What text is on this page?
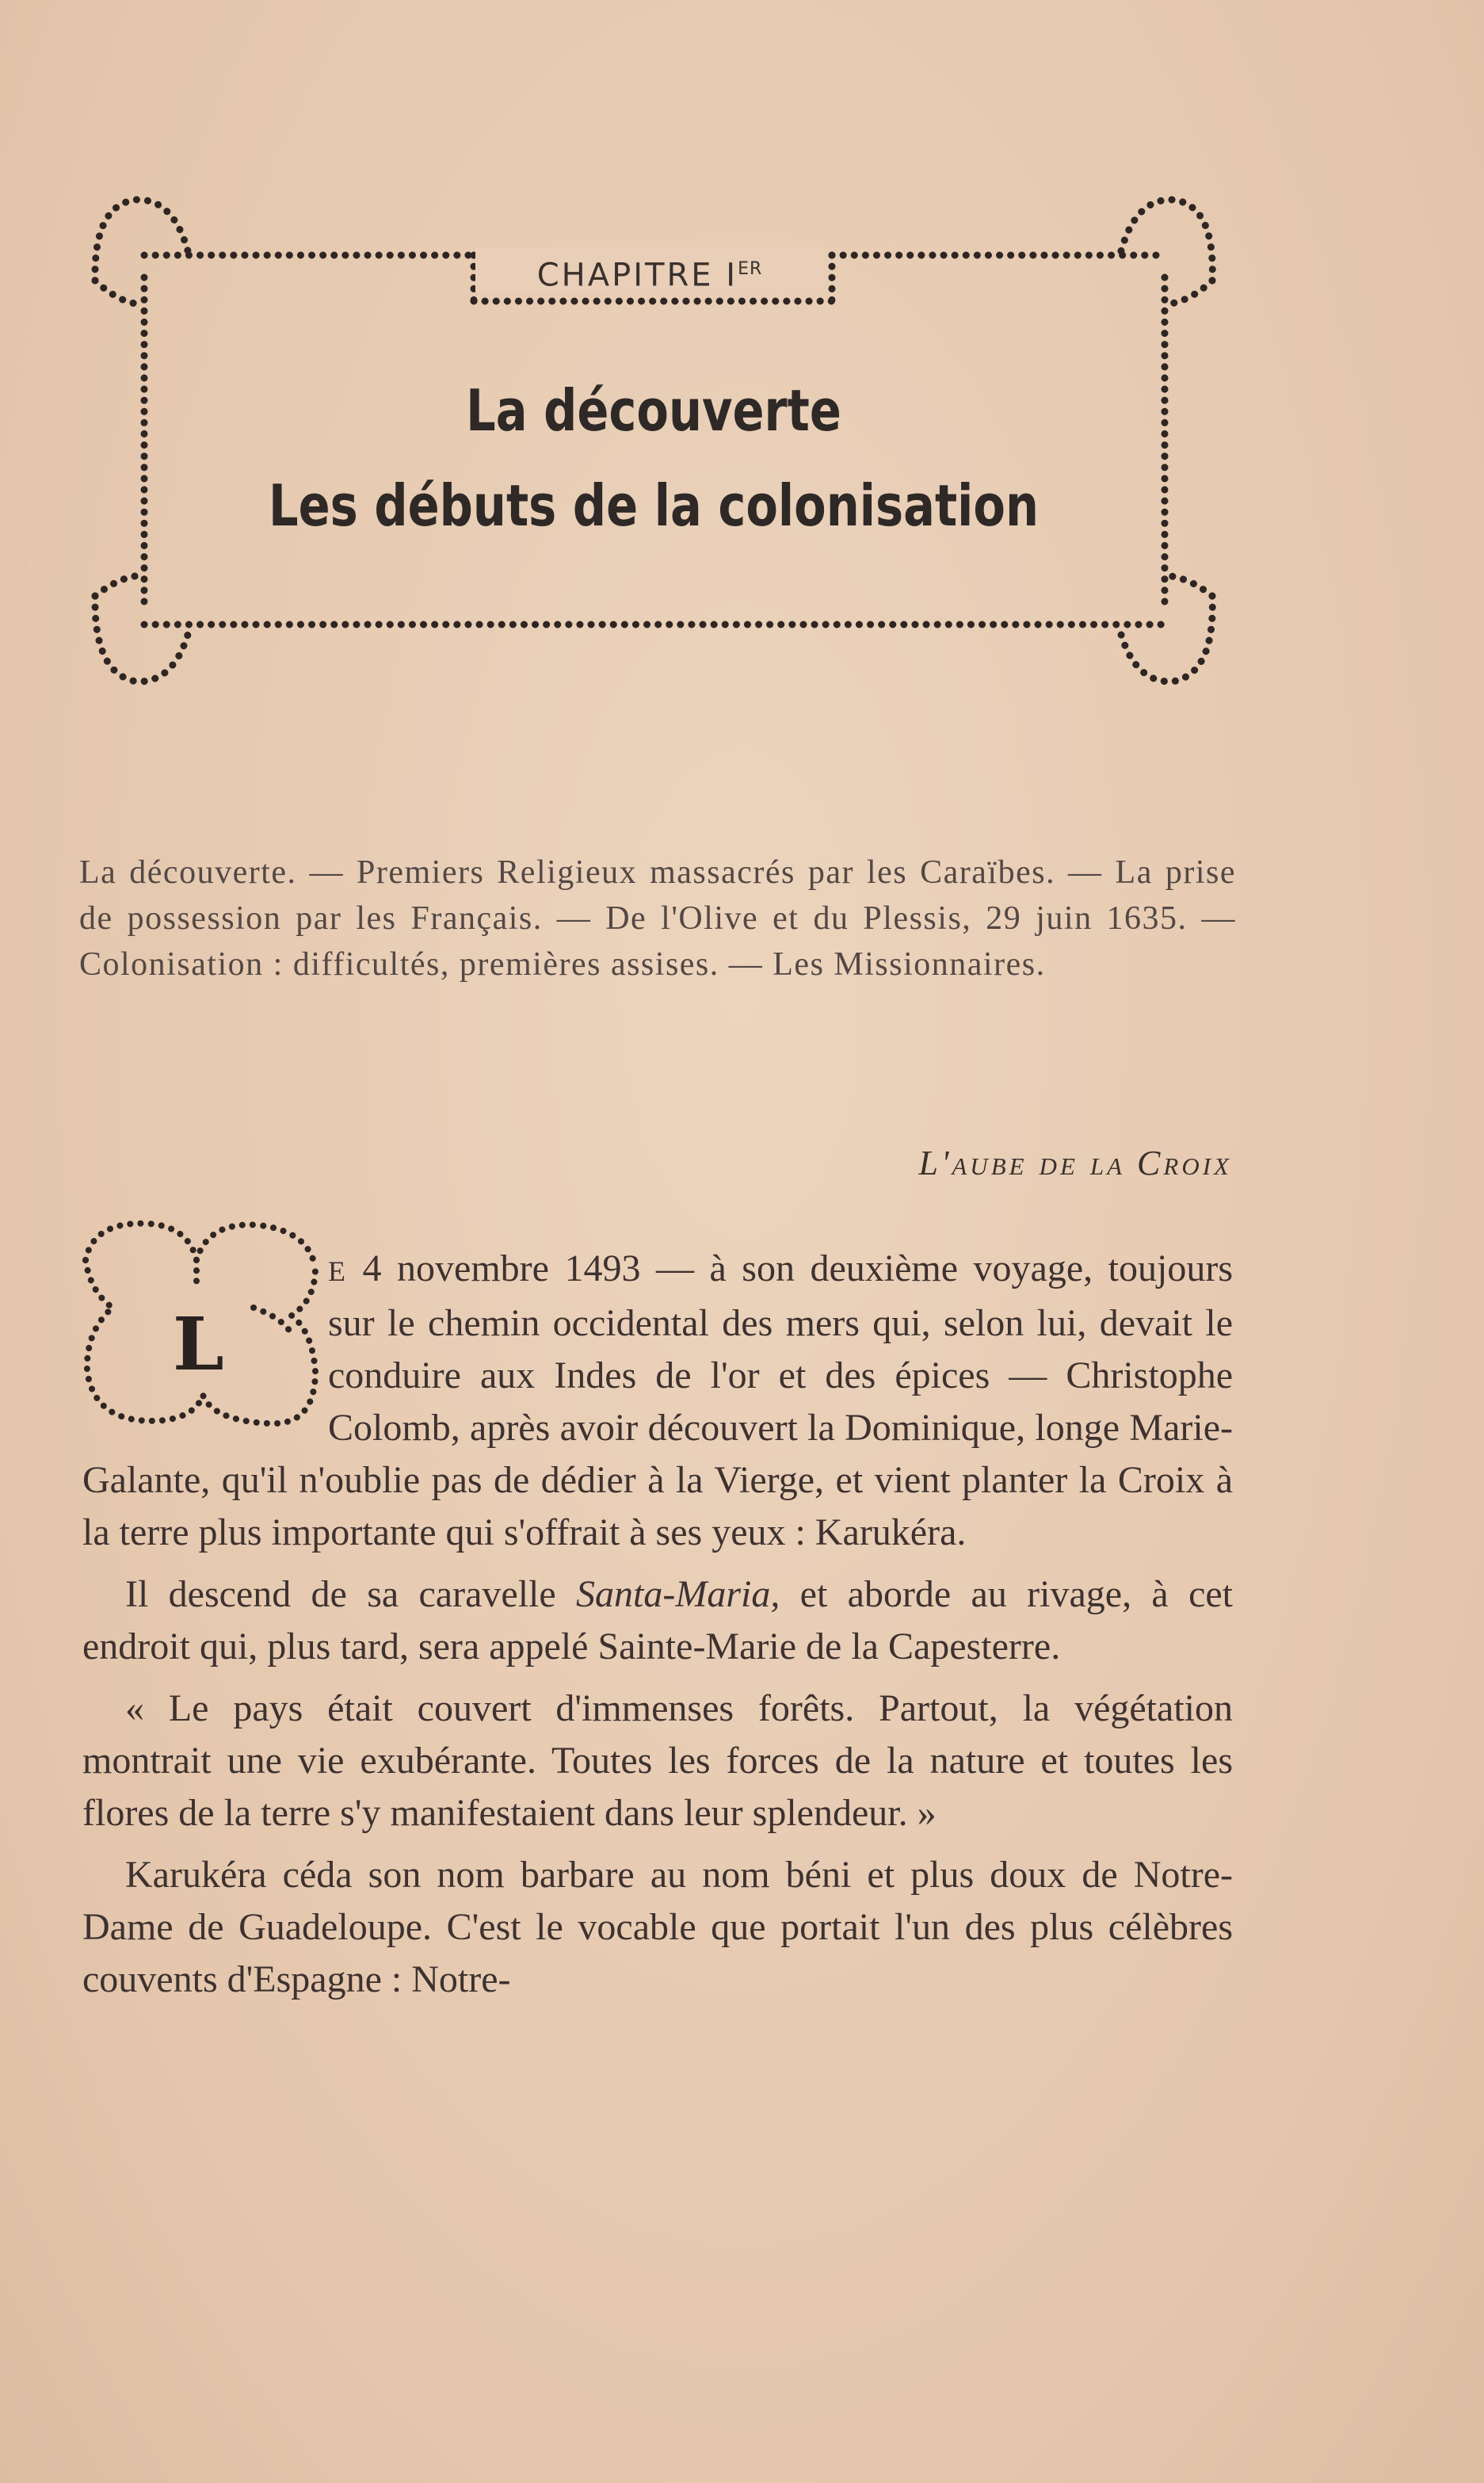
CHAPITRE IER
La découverte
Les débuts de la colonisation
La découverte. — Premiers Religieux massacrés par les Caraïbes. — La prise de possession par les Français. — De l'Olive et du Plessis, 29 juin 1635. — Colonisation : difficultés, premières assises. — Les Missionnaires.
L'aube de la Croix
L

E 4 novembre 1493 — à son deuxième voyage, toujours sur le chemin occidental des mers qui, selon lui, devait le conduire aux Indes de l'or et des épices — Christophe Colomb, après avoir découvert la Dominique, longe Marie-Galante, qu'il n'oublie pas de dédier à la Vierge, et vient planter la Croix à la terre plus importante qui s'offrait à ses yeux : Karukéra.

Il descend de sa caravelle Santa-Maria, et aborde au rivage, à cet endroit qui, plus tard, sera appelé Sainte-Marie de la Capesterre.

« Le pays était couvert d'immenses forêts. Partout, la végétation montrait une vie exubérante. Toutes les forces de la nature et toutes les flores de la terre s'y manifestaient dans leur splendeur. »

Karukéra céda son nom barbare au nom béni et plus doux de Notre-Dame de Guadeloupe. C'est le vocable que portait l'un des plus célèbres couvents d'Espagne : Notre-
